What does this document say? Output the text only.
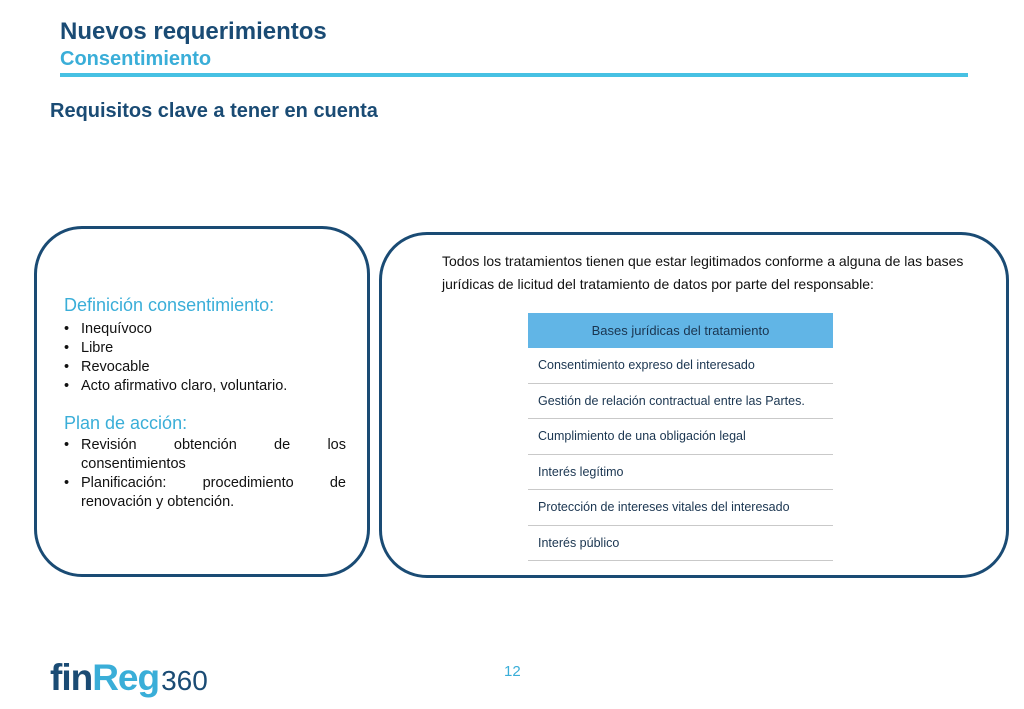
Nuevos requerimientos
Consentimiento
Requisitos clave a tener en cuenta
Definición consentimiento:
• Inequívoco
• Libre
• Revocable
• Acto afirmativo claro, voluntario.
Plan de acción:
• Revisión obtención de los
consentimientos
• Planificación: procedimiento de
renovación y obtención.
Todos los tratamientos tienen que estar legitimados conforme a alguna de las bases
jurídicas de licitud del tratamiento de datos por parte del responsable:
Bases jurídicas del tratamiento
Consentimiento expreso del interesado
Gestión de relación contractual entre las Partes.
Cumplimiento de una obligación legal
Interés legítimo
Protección de intereses vitales del interesado
Interés público
fin Reg 360	12
